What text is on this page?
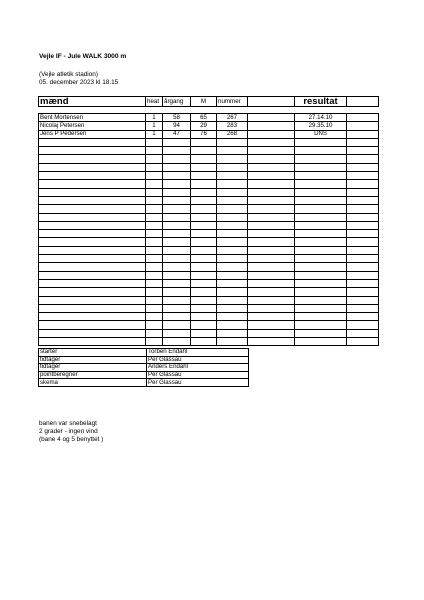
Vejle IF - Jule WALK 3000 m
(Vejle atletik stadion)
05. december 2023 kl 18.15
mænd	heat	årgang	M	nummer		resultat	

Bent Mortensen	1	58	65	267		27.14.10	
Nicolaj Petersen	1	94	29	283		29.35.10	
Jens P Pedersen	1	47	76	268		DNS	

starter	Torben Endahl
tidtager	Per Glassau
tidtager	Anders Endahl
pointberegner	Per Glassau
skema	Per Glassau
banen var snebelagt
2 grader - ingen vind
(bane 4 og 5 benyttet )
